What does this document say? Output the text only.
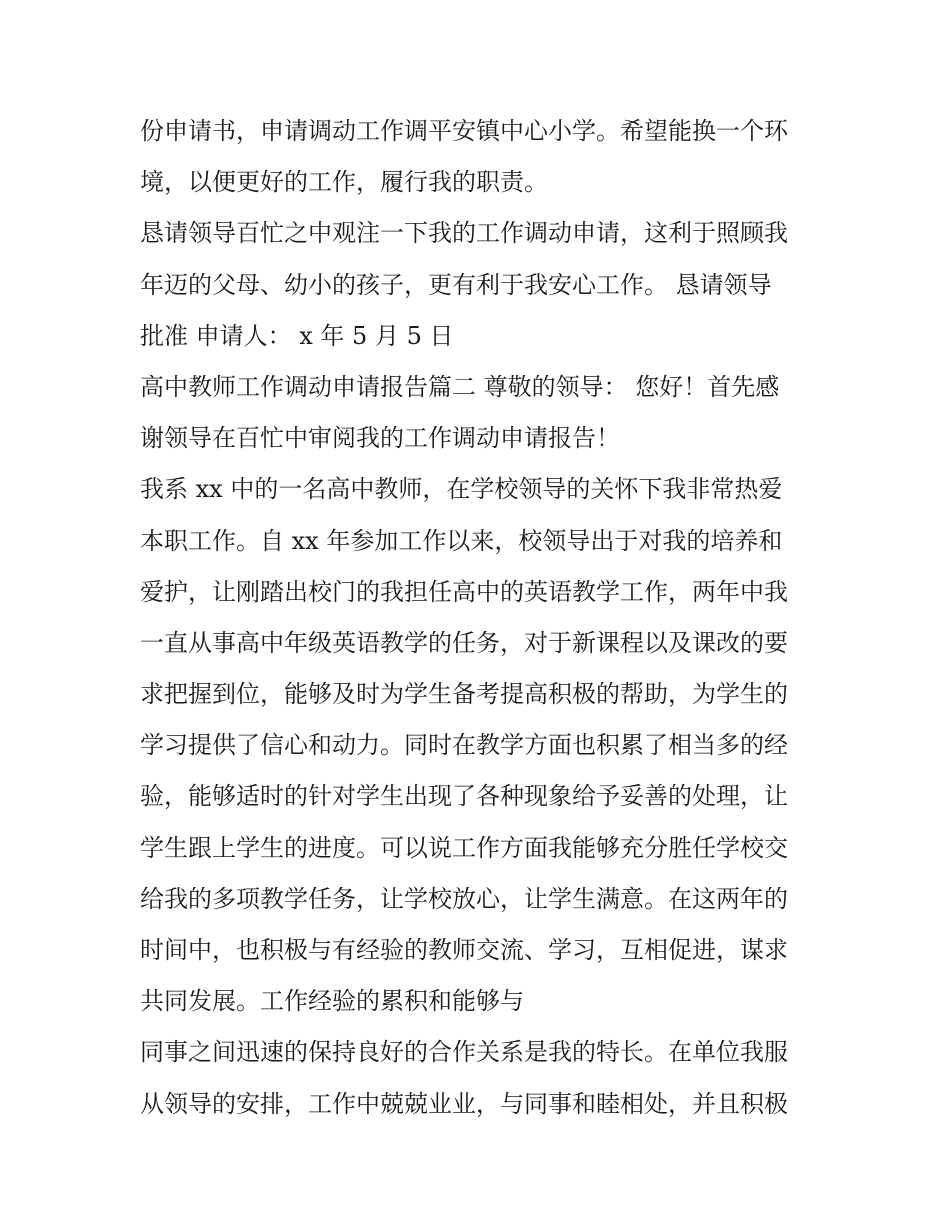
份申请书，申请调动工作调平安镇中心小学。希望能换一个环
境，以便更好的工作，履行我的职责。
恳请领导百忙之中观注一下我的工作调动申请，这利于照顾我
年迈的父母、幼小的孩子，更有利于我安心工作。 恳请领导
批准 申请人： x 年 5 月 5 日
高中教师工作调动申请报告篇二 尊敬的领导： 您好！首先感
谢领导在百忙中审阅我的工作调动申请报告！
我系 xx 中的一名高中教师，在学校领导的关怀下我非常热爱
本职工作。自 xx 年参加工作以来，校领导出于对我的培养和
爱护，让刚踏出校门的我担任高中的英语教学工作，两年中我
一直从事高中年级英语教学的任务，对于新课程以及课改的要
求把握到位，能够及时为学生备考提高积极的帮助，为学生的
学习提供了信心和动力。同时在教学方面也积累了相当多的经
验，能够适时的针对学生出现了各种现象给予妥善的处理，让
学生跟上学生的进度。可以说工作方面我能够充分胜任学校交
给我的多项教学任务，让学校放心，让学生满意。在这两年的
时间中，也积极与有经验的教师交流、学习，互相促进，谋求
共同发展。工作经验的累积和能够与
同事之间迅速的保持良好的合作关系是我的特长。在单位我服
从领导的安排，工作中兢兢业业，与同事和睦相处，并且积极
